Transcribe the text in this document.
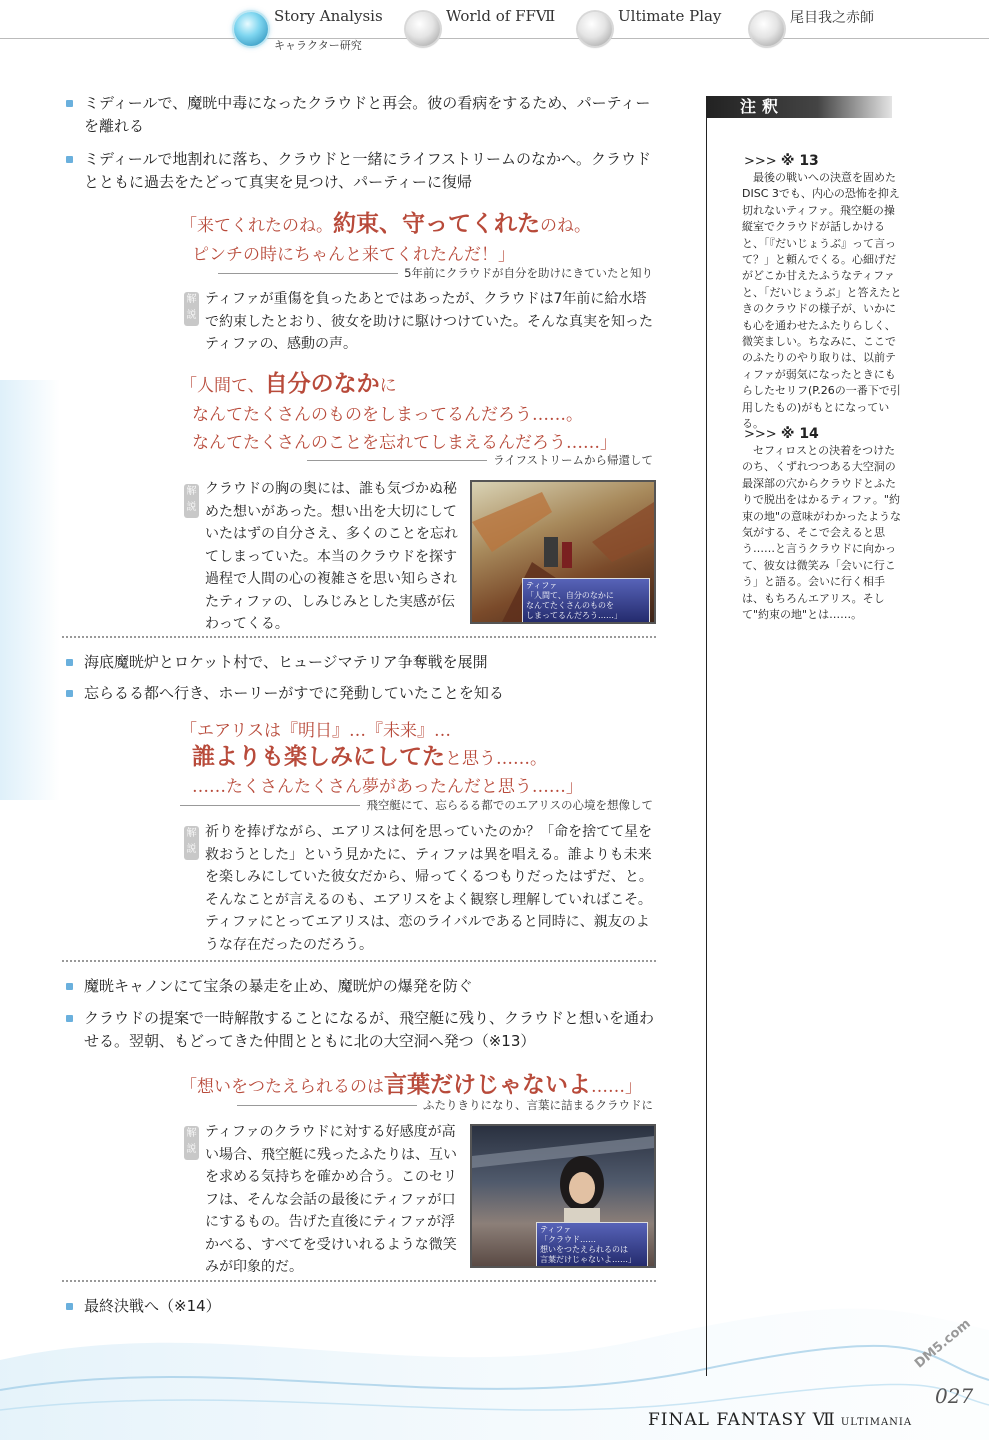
Story Analysis
キャラクター研究
World of FFⅦ	Ultimate Play	尾目我之赤師
ミディールで、魔晄中毒になったクラウドと再会。彼の看病をするため、パーティーを離れる
ミディールで地割れに落ち、クラウドと一緒にライフストリームのなかへ。クラウドとともに過去をたどって真実を見つけ、パーティーに復帰
「来てくれたのね。約束、守ってくれたのね。
ピンチの時にちゃんと来てくれたんだ！」
5年前にクラウドが自分を助けにきていたと知り
解説
ティファが重傷を負ったあとではあったが、クラウドは7年前に給水塔で約束したとおり、彼女を助けに駆けつけていた。そんな真実を知ったティファの、感動の声。
「人間て、自分のなかに
なんてたくさんのものをしまってるんだろう……。
なんてたくさんのことを忘れてしまえるんだろう……」
ライフストリームから帰還して
解説
クラウドの胸の奥には、誰も気づかぬ秘めた想いがあった。想い出を大切にしていたはずの自分さえ、多くのことを忘れてしまっていた。本当のクラウドを探す過程で人間の心の複雑さを思い知らされたティファの、しみじみとした実感が伝わってくる。
ティファ
「人間て、自分のなかに
なんてたくさんのものを
しまってるんだろう……」
海底魔晄炉とロケット村で、ヒュージマテリア争奪戦を展開
忘らるる都へ行き、ホーリーがすでに発動していたことを知る
「エアリスは『明日』…『未来』…
誰よりも楽しみにしてたと思う……。
……たくさんたくさん夢があったんだと思う……」
飛空艇にて、忘らるる都でのエアリスの心境を想像して
解説
祈りを捧げながら、エアリスは何を思っていたのか？「命を捨てて星を救おうとした」という見かたに、ティファは異を唱える。誰よりも未来を楽しみにしていた彼女だから、帰ってくるつもりだったはずだ、と。そんなことが言えるのも、エアリスをよく観察し理解していればこそ。ティファにとってエアリスは、恋のライバルであると同時に、親友のような存在だったのだろう。
魔晄キャノンにて宝条の暴走を止め、魔晄炉の爆発を防ぐ
クラウドの提案で一時解散することになるが、飛空艇に残り、クラウドと想いを通わせる。翌朝、もどってきた仲間とともに北の大空洞へ発つ（※13）
「想いをつたえられるのは言葉だけじゃないよ……」
ふたりきりになり、言葉に詰まるクラウドに
解説
ティファのクラウドに対する好感度が高い場合、飛空艇に残ったふたりは、互いを求める気持ちを確かめ合う。このセリフは、そんな会話の最後にティファが口にするもの。告げた直後にティファが浮かべる、すべてを受けいれるような微笑みが印象的だ。
ティファ
「クラウド……
想いをつたえられるのは
言葉だけじゃないよ……」
最終決戦へ（※14）
注釈
>>> ※ 13
最後の戦いへの決意を固めたDISC 3でも、内心の恐怖を抑え切れないティファ。飛空艇の操縦室でクラウドが話しかけると、「『だいじょうぶ』って言って？」と頼んでくる。心細げだがどこか甘えたふうなティファと、「だいじょうぶ」と答えたときのクラウドの様子が、いかにも心を通わせたふたりらしく、微笑ましい。ちなみに、ここでのふたりのやり取りは、以前ティファが弱気になったときにもらしたセリフ(P.26の一番下で引用したもの)がもとになっている。
>>> ※ 14
セフィロスとの決着をつけたのち、くずれつつある大空洞の最深部の穴からクラウドとふたりで脱出をはかるティファ。"約束の地"の意味がわかったような気がする、そこで会えると思う……と言うクラウドに向かって、彼女は微笑み「会いに行こう」と語る。会いに行く相手は、もちろんエアリス。そして"約束の地"とは……。
DM5.com
027
FINAL FANTASY Ⅶ ULTIMANIA
